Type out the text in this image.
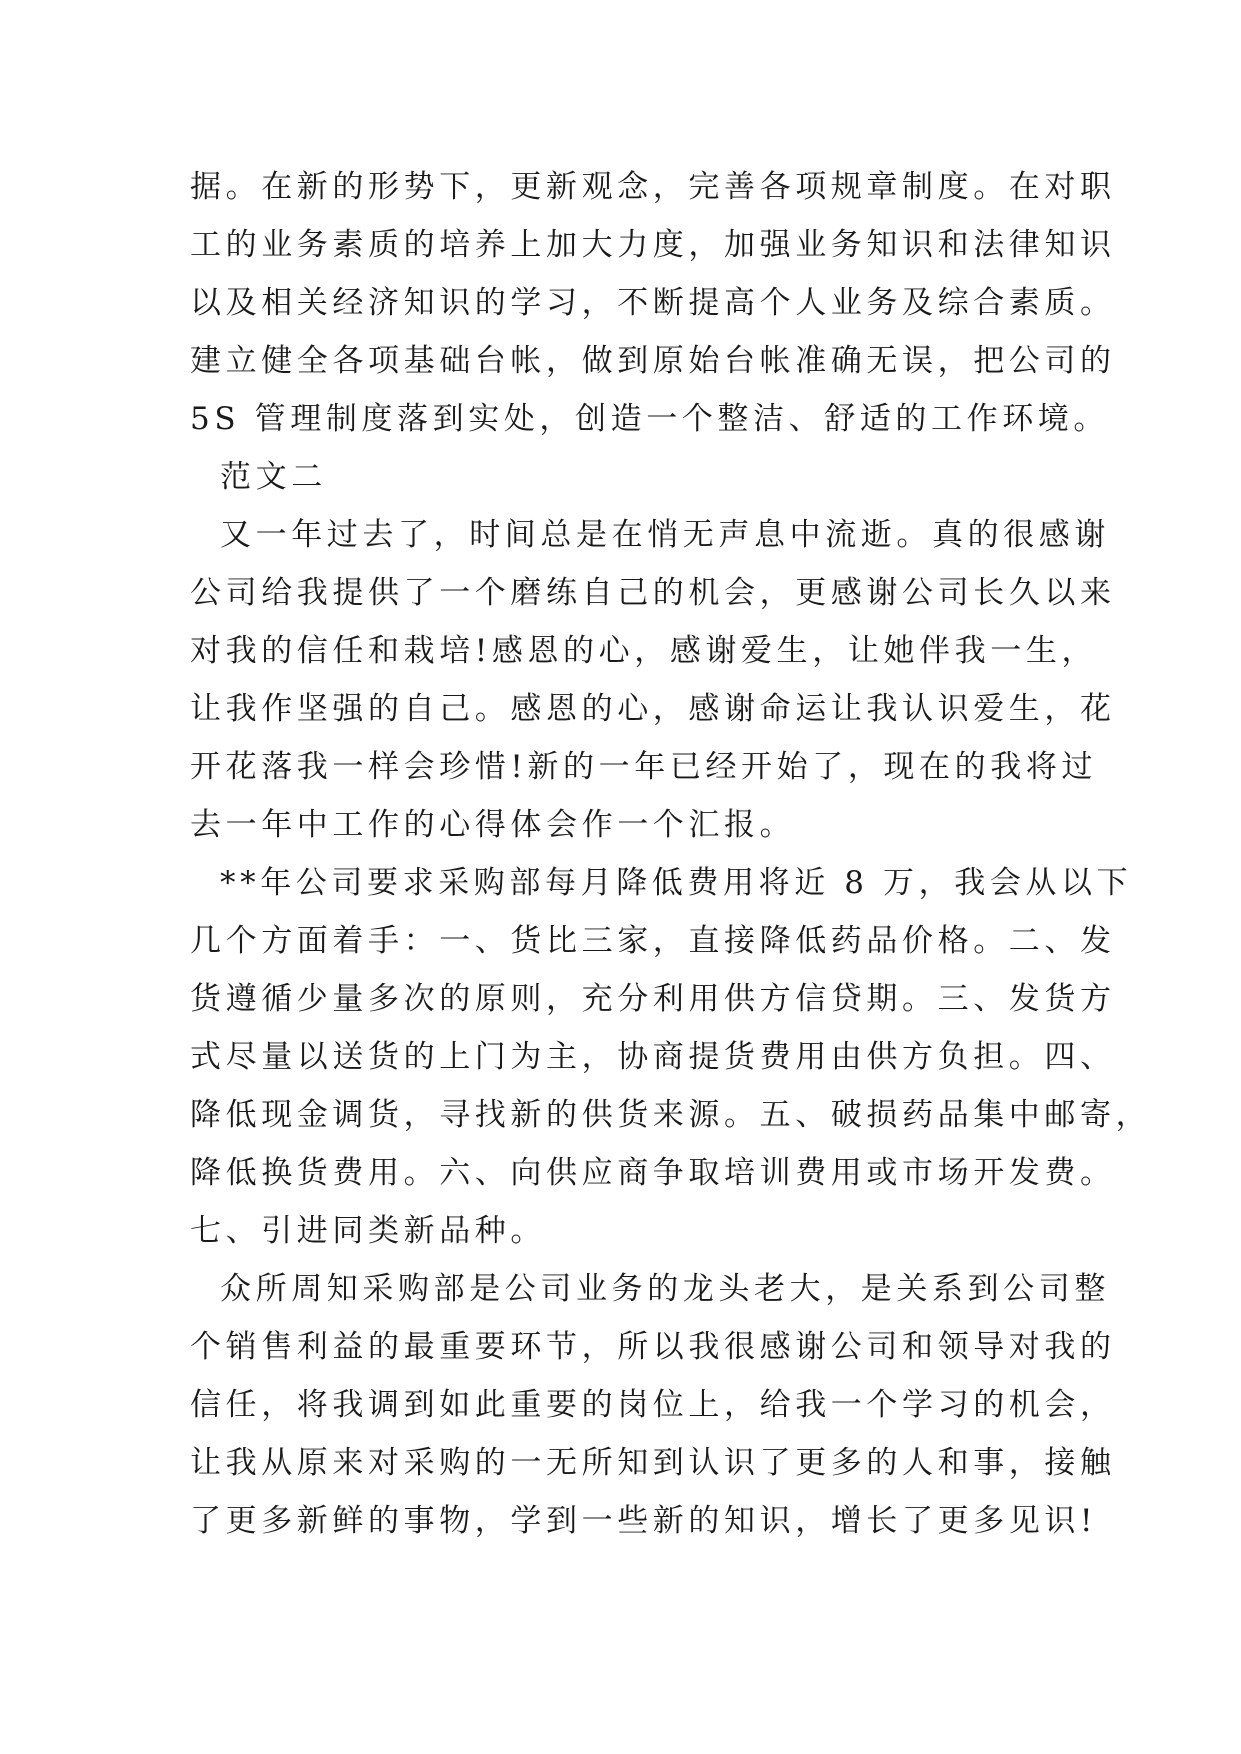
据。在新的形势下，更新观念，完善各项规章制度。在对职
工的业务素质的培养上加大力度，加强业务知识和法律知识
以及相关经济知识的学习，不断提高个人业务及综合素质。
建立健全各项基础台帐，做到原始台帐准确无误，把公司的
5S 管理制度落到实处，创造一个整洁、舒适的工作环境。
范文二
又一年过去了，时间总是在悄无声息中流逝。真的很感谢
公司给我提供了一个磨练自己的机会，更感谢公司长久以来
对我的信任和栽培!感恩的心，感谢爱生，让她伴我一生，
让我作坚强的自己。感恩的心，感谢命运让我认识爱生，花
开花落我一样会珍惜!新的一年已经开始了，现在的我将过
去一年中工作的心得体会作一个汇报。
**年公司要求采购部每月降低费用将近 8 万，我会从以下
几个方面着手：一、货比三家，直接降低药品价格。二、发
货遵循少量多次的原则，充分利用供方信贷期。三、发货方
式尽量以送货的上门为主，协商提货费用由供方负担。四、
降低现金调货，寻找新的供货来源。五、破损药品集中邮寄，
降低换货费用。六、向供应商争取培训费用或市场开发费。
七、引进同类新品种。
众所周知采购部是公司业务的龙头老大，是关系到公司整
个销售利益的最重要环节，所以我很感谢公司和领导对我的
信任，将我调到如此重要的岗位上，给我一个学习的机会，
让我从原来对采购的一无所知到认识了更多的人和事，接触
了更多新鲜的事物，学到一些新的知识，增长了更多见识!
